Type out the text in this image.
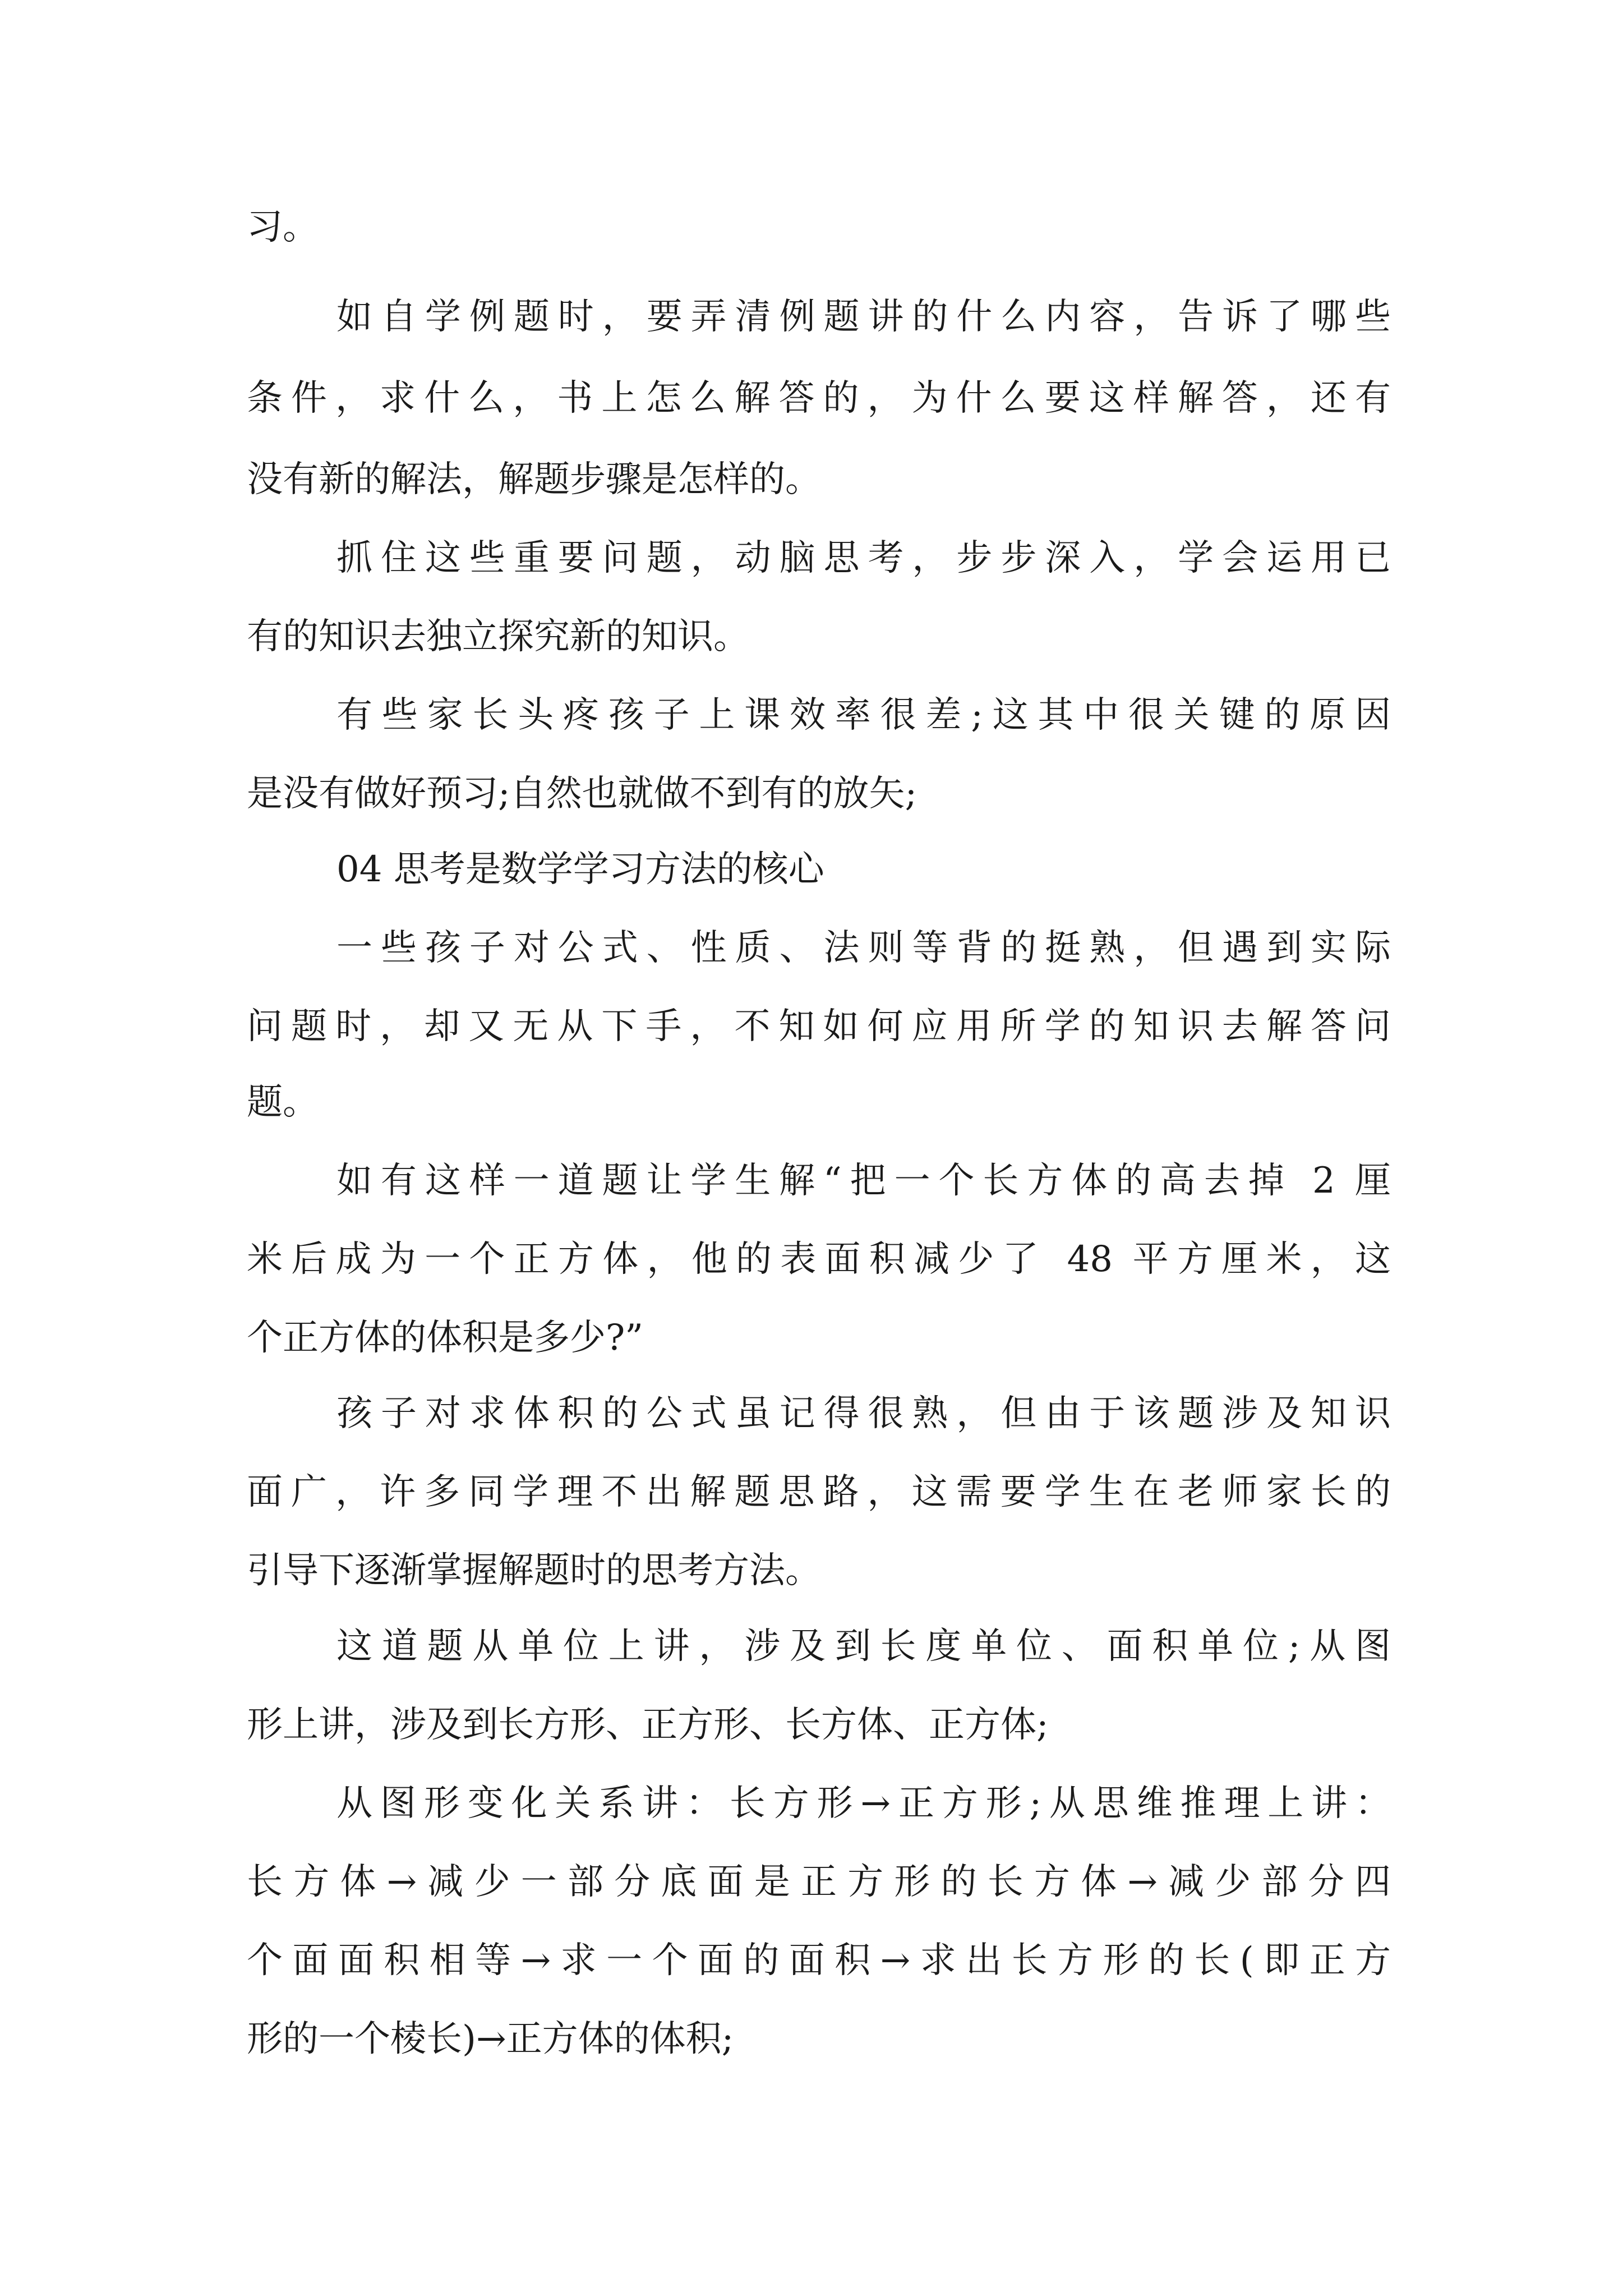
习。
如自学例题时，要弄清例题讲的什么内容，告诉了哪些
条件，求什么，书上怎么解答的，为什么要这样解答，还有
没有新的解法，解题步骤是怎样的。
抓住这些重要问题，动脑思考，步步深入，学会运用已
有的知识去独立探究新的知识。
有些家长头疼孩子上课效率很差;这其中很关键的原因
是没有做好预习;自然也就做不到有的放矢;
04 思考是数学学习方法的核心
一些孩子对公式、性质、法则等背的挺熟，但遇到实际
问题时，却又无从下手，不知如何应用所学的知识去解答问
题。
如有这样一道题让学生解“把一个长方体的高去掉 2 厘
米后成为一个正方体，他的表面积减少了 48 平方厘米，这
个正方体的体积是多少?”
孩子对求体积的公式虽记得很熟，但由于该题涉及知识
面广，许多同学理不出解题思路，这需要学生在老师家长的
引导下逐渐掌握解题时的思考方法。
这道题从单位上讲，涉及到长度单位、面积单位;从图
形上讲，涉及到长方形、正方形、长方体、正方体;
从图形变化关系讲：长方形→正方形;从思维推理上讲：
长方体→减少一部分底面是正方形的长方体→减少部分四
个面面积相等→求一个面的面积→求出长方形的长(即正方
形的一个棱长)→正方体的体积;
